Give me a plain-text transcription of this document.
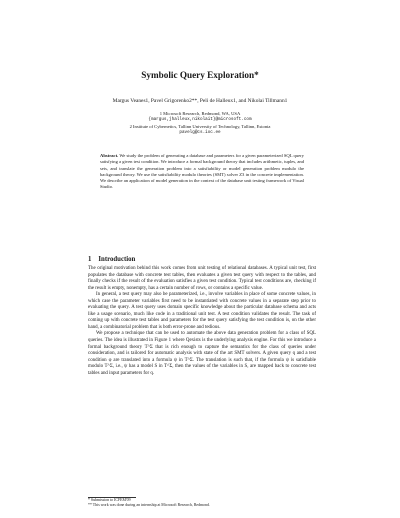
Symbolic Query Exploration*
Margus Veanes1, Pavel Grigorenko2**, Peli de Halleux1, and Nikolai Tillmann1
1 Microsoft Research, Redmond, WA, USA
{margus,jhalleux,nikolait}@microsoft.com
2 Institute of Cybernetics, Tallinn University of Technology, Tallinn, Estonia
pavelg@cs.ioc.ee
Abstract. We study the problem of generating a database and parameters for a given parameterized SQL query satisfying a given test condition. We introduce a formal background theory that includes arithmetic, tuples, and sets, and translate the generation problem into a satisfiability or model generation problem modulo the background theory. We use the satisfiability modulo theories (SMT) solver Z3 in the concrete implementation. We describe an application of model generation in the context of the database unit testing framework of Visual Studio.
1 Introduction

The original motivation behind this work comes from unit testing of relational databases. A typical unit test, first populates the database with concrete test tables, then evaluates a given test query with respect to the tables, and finally checks if the result of the evaluation satisfies a given test condition. Typical test conditions are, checking if the result is empty, nonempty, has a certain number of rows, or contains a specific value.

In general, a test query may also be parameterized, i.e., involve variables in place of some concrete values, in which case the parameter variables first need to be instantiated with concrete values in a separate step prior to evaluating the query. A test query uses domain specific knowledge about the particular database schema and acts like a usage scenario, much like code in a traditional unit test. A test condition validates the result. The task of coming up with concrete test tables and parameters for the test query satisfying the test condition is, on the other hand, a combinatorial problem that is both error-prone and tedious.

We propose a technique that can be used to automate the above data generation problem for a class of SQL queries. The idea is illustrated in Figure 1 where Qexists is the underlying analysis engine. For this we introduce a formal background theory T^Σ that is rich enough to capture the semantics for the class of queries under consideration, and is tailored for automatic analysis with state of the art SMT solvers. A given query q and a test condition φ are translated into a formula ψ in T^Σ. The translation is such that, if the formula ψ is satisfiable modulo T^Σ, i.e., ψ has a model S in T^Σ, then the values of the variables in S, are mapped back to concrete test tables and input parameters for q.

* Submission to ICFEM'09
** This work was done during an internship at Microsoft Research, Redmond.
